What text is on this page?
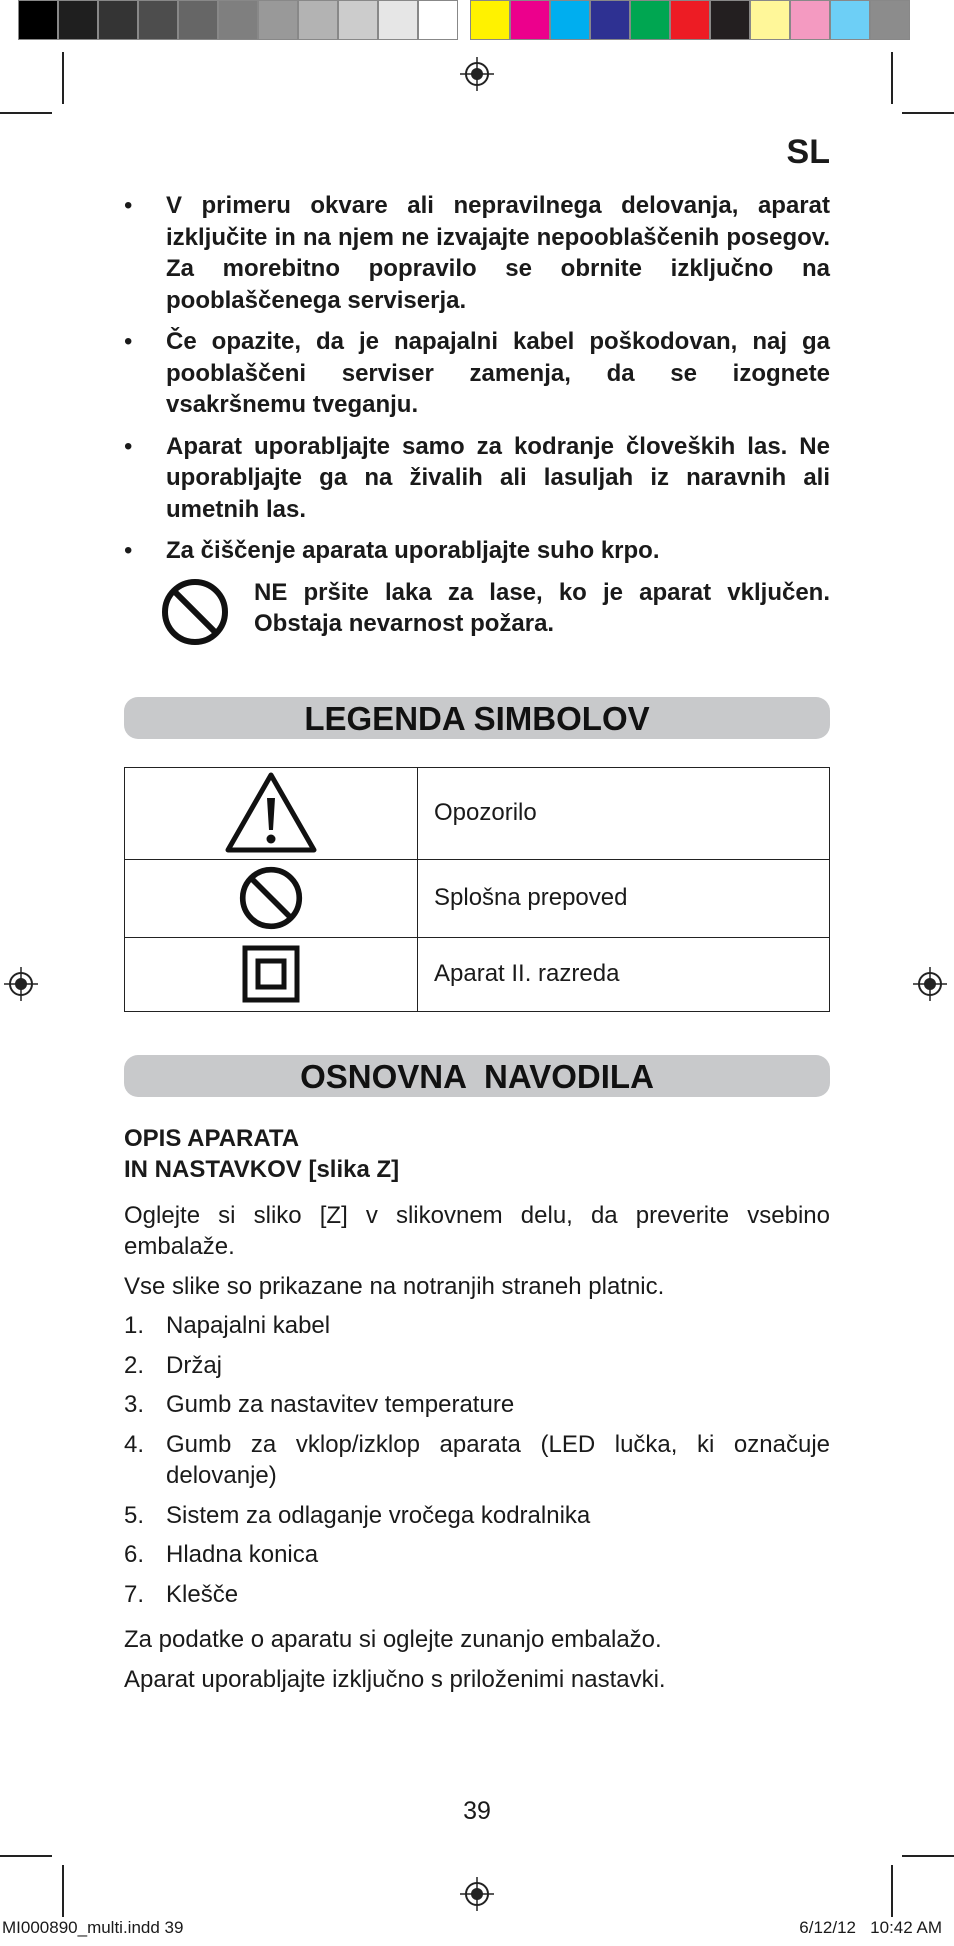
SL
• V primeru okvare ali nepravilnega delovanja, aparat izključite in na njem ne izvajajte nepooblaščenih posegov. Za morebitno popravilo se obrnite izključno na pooblaščenega serviserja.
• Če opazite, da je napajalni kabel poškodovan, naj ga pooblaščeni serviser zamenja, da se izognete vsakršnemu tveganju.
• Aparat uporabljajte samo za kodranje človeških las. Ne uporabljajte ga na živalih ali lasuljah iz naravnih ali umetnih las.
• Za čiščenje aparata uporabljajte suho krpo.

NE pršite laka za lase, ko je aparat vključen. Obstaja nevarnost požara.

LEGENDA SIMBOLOV
	Opozorilo
	Splošna prepoved
	Aparat II. razreda
OSNOVNA  NAVODILA

OPIS APARATA

IN NASTAVKOV [slika Z]

Oglejte si sliko [Z] v slikovnem delu, da preverite vsebino embalaže.

Vse slike so prikazane na notranjih straneh platnic.

1. Napajalni kabel
2. Držaj
3. Gumb za nastavitev temperature
4. Gumb za vklop/izklop aparata (LED lučka, ki označuje delovanje)
5. Sistem za odlaganje vročega kodralnika
6. Hladna konica
7. Klešče

Za podatke o aparatu si oglejte zunanjo embalažo.

Aparat uporabljajte izključno s priloženimi nastavki.

39
MI000890_multi.indd 39	6/12/12   10:42 AM
